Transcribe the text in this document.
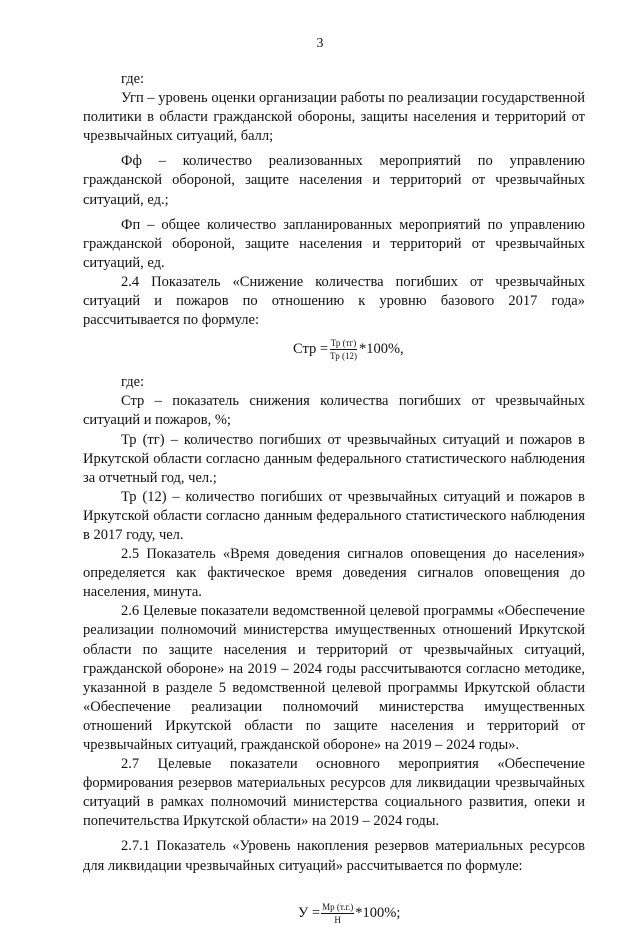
3

где:

Угп – уровень оценки организации работы по реализации государственной политики в области гражданской обороны, защиты населения и территорий от чрезвычайных ситуаций, балл;

Фф – количество реализованных мероприятий по управлению гражданской обороной, защите населения и территорий от чрезвычайных ситуаций, ед.;

Фп – общее количество запланированных мероприятий по управлению гражданской обороной, защите населения и территорий от чрезвычайных ситуаций, ед.

2.4 Показатель «Снижение количества погибших от чрезвычайных ситуаций и пожаров по отношению к уровню базового 2017 года» рассчитывается по формуле:

Стр = $\frac{Тр (тг)}{Тр (12)} *100\%$,

где:

Стр – показатель снижения количества погибших от чрезвычайных ситуаций и пожаров, %;

Тр (тг) – количество погибших от чрезвычайных ситуаций и пожаров в Иркутской области согласно данным федерального статистического наблюдения за отчетный год, чел.;

Тр (12) – количество погибших от чрезвычайных ситуаций и пожаров в Иркутской области согласно данным федерального статистического наблюдения в 2017 году, чел.

2.5 Показатель «Время доведения сигналов оповещения до населения» определяется как фактическое время доведения сигналов оповещения до населения, минута.

2.6 Целевые показатели ведомственной целевой программы «Обеспечение реализации полномочий министерства имущественных отношений Иркутской области по защите населения и территорий от чрезвычайных ситуаций, гражданской обороне» на 2019 – 2024 годы рассчитываются согласно методике, указанной в разделе 5 ведомственной целевой программы Иркутской области «Обеспечение реализации полномочий министерства имущественных отношений Иркутской области по защите населения и территорий от чрезвычайных ситуаций, гражданской обороне» на 2019 – 2024 годы».

2.7 Целевые показатели основного мероприятия «Обеспечение формирования резервов материальных ресурсов для ликвидации чрезвычайных ситуаций в рамках полномочий министерства социального развития, опеки и попечительства Иркутской области» на 2019 – 2024 годы.

2.7.1 Показатель «Уровень накопления резервов материальных ресурсов для ликвидации чрезвычайных ситуаций» рассчитывается по формуле:

$У = \frac{Мр (т.г.)}{Н} *100\%$;
